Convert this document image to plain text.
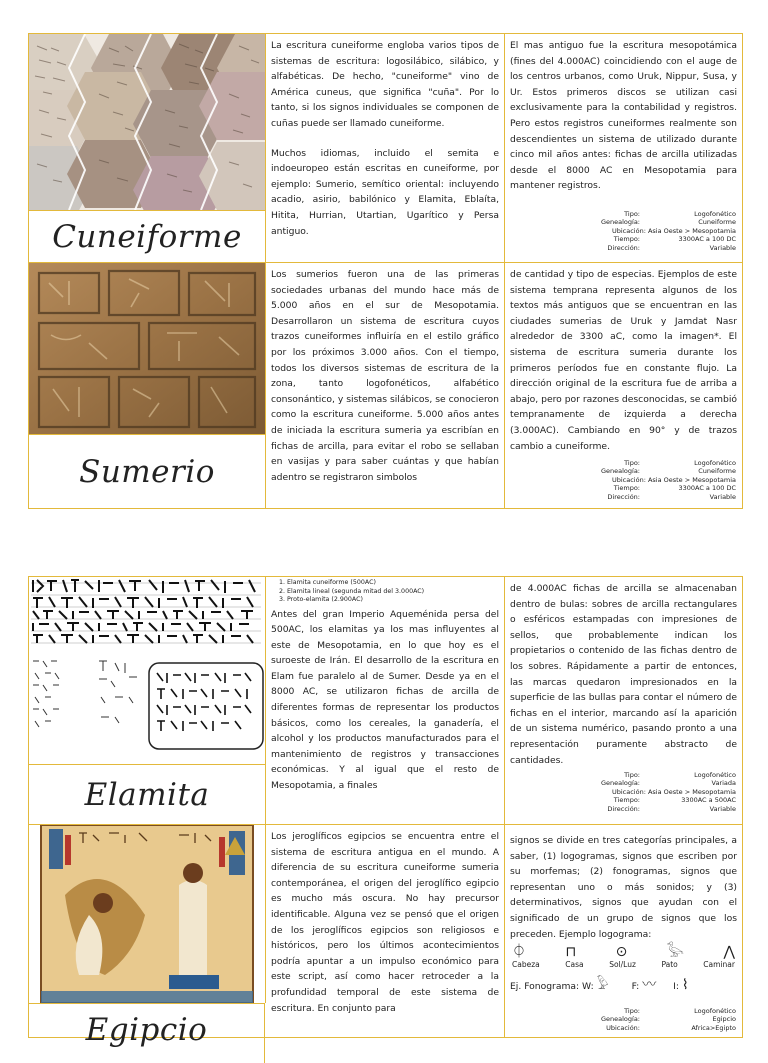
Cuneiforme
La escritura cuneiforme engloba varios tipos de sistemas de escritura: logosilábico, silábico, y alfabéticas. De hecho, "cuneiforme" vino de América cuneus, que significa "cuña". Por lo tanto, si los signos individuales se componen de cuñas puede ser llamado cuneiforme.
Muchos idiomas, incluido el semita e indoeuropeo están escritas en cuneiforme, por ejemplo: Sumerio, semítico oriental: incluyendo acadio, asirio, babilónico y Elamita, Eblaíta, Hitita, Hurrian, Utartian, Ugarítico y Persa antiguo.
El mas antiguo fue la escritura mesopotámica (fines del 4.000AC) coincidiendo con el auge de los centros urbanos, como Uruk, Nippur, Susa, y Ur. Estos primeros discos se utilizan casi exclusivamente para la contabilidad y registros. Pero estos registros cuneiformes realmente son descendientes un sistema de utilizado durante cinco mil años antes: fichas de arcilla utilizadas desde el 8000 AC en Mesopotamia para mantener registros.
Tipo:	Logofonético
Genealogía:	Cuneiforme
Ubicación: Asia Oeste > Mesopotamia
Tiempo:	3300AC a 100 DC
Dirección:	Variable
Sumerio
Los sumerios fueron una de las primeras sociedades urbanas del mundo hace más de 5.000 años en el sur de Mesopotamia. Desarrollaron un sistema de escritura cuyos trazos cuneiformes influiría en el estilo gráfico por los próximos 3.000 años. Con el tiempo, todos los diversos sistemas de escritura de la zona, tanto logofonéticos, alfabético consonántico, y sistemas silábicos, se conocieron como la escritura cuneiforme. 5.000 años antes de iniciada la escritura sumeria ya escribían en fichas de arcilla, para evitar el robo se sellaban en vasijas y para saber cuántas y que habían adentro se registraron simbolos
de cantidad y tipo de especias. Ejemplos de este sistema temprana representa algunos de los textos más antiguos que se encuentran en las ciudades sumerias de Uruk y Jamdat Nasr alrededor de 3300 aC, como la imagen*. El sistema de escritura sumeria durante los primeros períodos fue en constante flujo. La dirección original de la escritura fue de arriba a abajo, pero por razones desconocidas, se cambió tempranamente de izquierda a derecha (3.000AC). Cambiando en 90° y de trazos cambio a cuneiforme.
Tipo:	Logofonético
Genealogía:	Cuneiforme
Ubicación: Asia Oeste > Mesopotamia
Tiempo:	3300AC a 100 DC
Dirección:	Variable
Elamita
1. Elamita cuneiforme (500AC)
2. Elamita lineal (segunda mitad del 3.000AC)
3. Proto-elamita (2.900AC)
Antes del gran Imperio Aqueménida persa del 500AC, los elamitas ya los mas influyentes al este de Mesopotamia, en lo que hoy es el suroeste de Irán. El desarrollo de la escritura en Elam fue paralelo al de Sumer. Desde ya en el 8000 AC, se utilizaron fichas de arcilla de diferentes formas de representar los productos básicos, como los cereales, la ganadería, el alcohol y los productos manufacturados para el mantenimiento de registros y transacciones económicas. Y al igual que el resto de Mesopotamia, a finales
de 4.000AC fichas de arcilla se almacenaban dentro de bulas: sobres de arcilla rectangulares o esféricos estampadas con impresiones de sellos, que probablemente indican los propietarios o contenido de las fichas dentro de los sobres. Rápidamente a partir de entonces, las marcas quedaron impresionados en la superficie de las bullas para contar el número de fichas en el interior, marcando así la aparición de un sistema numérico, pasando pronto a una representación puramente abstracto de cantidades.
Tipo:	Logofonético
Genealogía:	Variada
Ubicación: Asia Oeste > Mesopotamia
Tiempo:	3300AC a 500AC
Dirección:	Variable
Egipcio
Los jeroglíficos egipcios se encuentra entre el sistema de escritura antigua en el mundo. A diferencia de su escritura cuneiforme sumeria contemporánea, el origen del jeroglífico egipcio es mucho más oscura. No hay precursor identificable. Alguna vez se pensó que el origen de los jeroglíficos egipcios son religiosos e históricos, pero los últimos acontecimientos podría apuntar a un impulso económico para este script, así como hacer retroceder a la profundidad temporal de este sistema de escritura. En conjunto para
signos se divide en tres categorías principales, a saber, (1) logogramas, signos que escriben por su morfemas; (2) fonogramas, signos que representan uno o más sonidos; y (3) determinativos, signos que ayudan con el significado de un grupo de signos que los preceden. Ejemplo logograma:
⏀	⊓	⊙	𓅭	⋀
Cabeza	Casa	Sol/Luz	Pato	Caminar
Ej. Fonograma: W: 𓅱 F: 〰 I: ⌇
Tipo:	Logofonético
Genealogía:	Egipcio
Ubicación:	Africa>Egipto
